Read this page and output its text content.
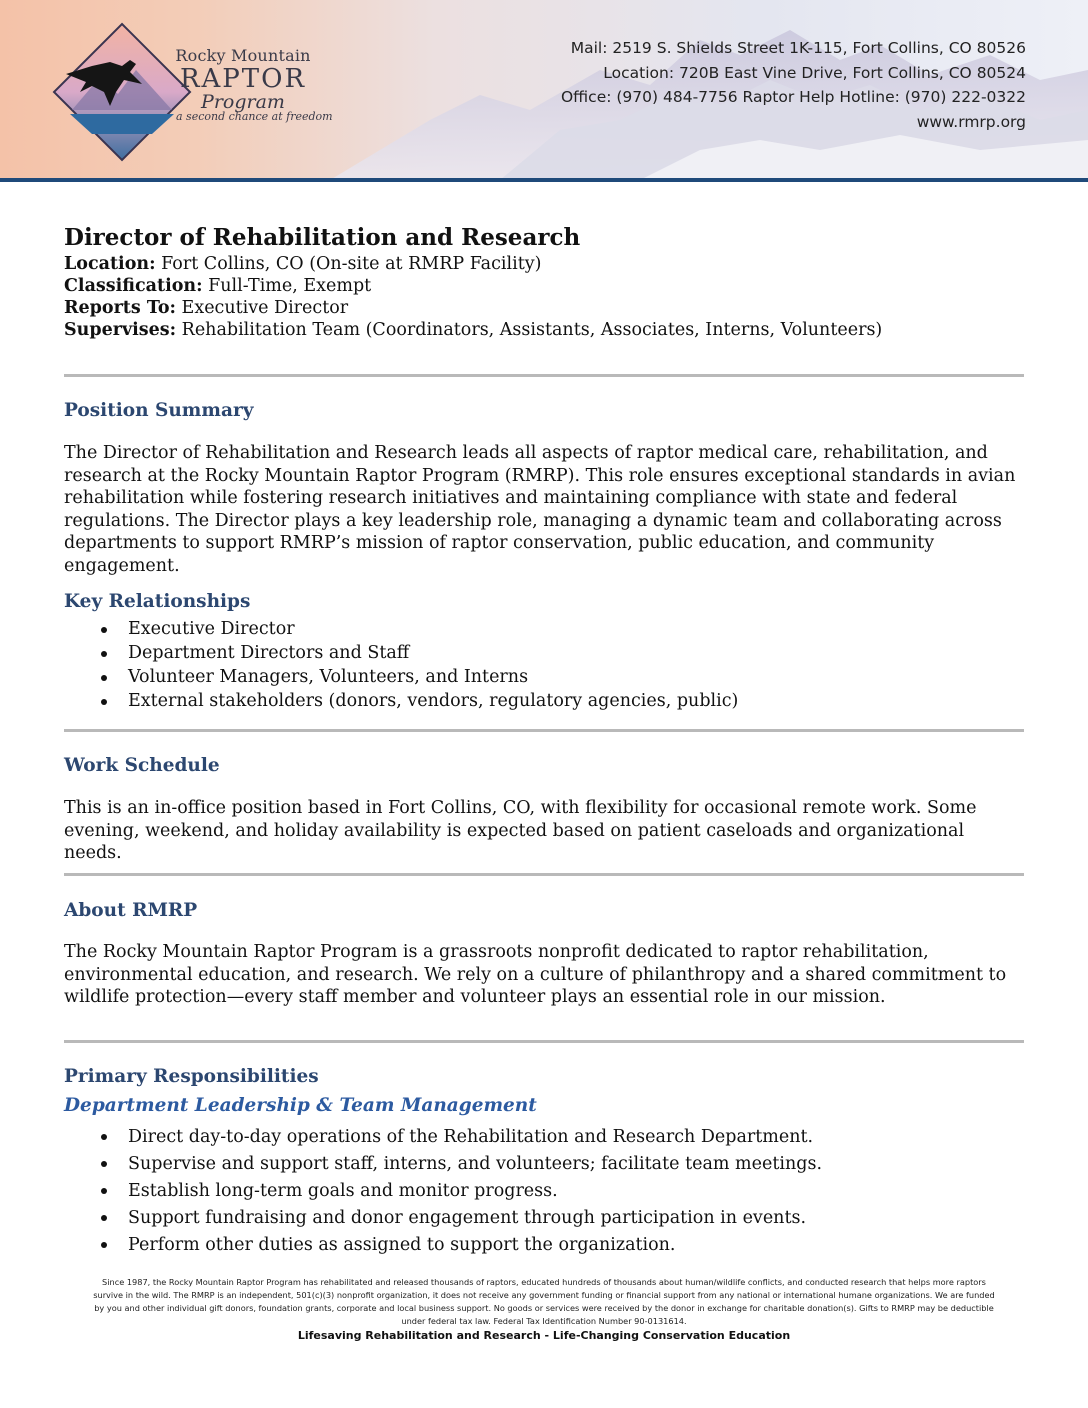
Rocky Mountain
RAPTOR
Program
a second chance at freedom
Mail: 2519 S. Shields Street 1K-115, Fort Collins, CO 80526
Location: 720B East Vine Drive, Fort Collins, CO 80524
Office: (970) 484-7756 Raptor Help Hotline: (970) 222-0322
www.rmrp.org
Director of Rehabilitation and Research
Location: Fort Collins, CO (On-site at RMRP Facility)
Classification: Full-Time, Exempt
Reports To: Executive Director
Supervises: Rehabilitation Team (Coordinators, Assistants, Associates, Interns, Volunteers)
Position Summary
The Director of Rehabilitation and Research leads all aspects of raptor medical care, rehabilitation, and research at the Rocky Mountain Raptor Program (RMRP). This role ensures exceptional standards in avian rehabilitation while fostering research initiatives and maintaining compliance with state and federal regulations. The Director plays a key leadership role, managing a dynamic team and collaborating across departments to support RMRP’s mission of raptor conservation, public education, and community engagement.
Key Relationships
Executive Director
Department Directors and Staff
Volunteer Managers, Volunteers, and Interns
External stakeholders (donors, vendors, regulatory agencies, public)
Work Schedule
This is an in-office position based in Fort Collins, CO, with flexibility for occasional remote work. Some evening, weekend, and holiday availability is expected based on patient caseloads and organizational needs.
About RMRP
The Rocky Mountain Raptor Program is a grassroots nonprofit dedicated to raptor rehabilitation, environmental education, and research. We rely on a culture of philanthropy and a shared commitment to wildlife protection—every staff member and volunteer plays an essential role in our mission.
Primary Responsibilities
Department Leadership & Team Management
Direct day-to-day operations of the Rehabilitation and Research Department.
Supervise and support staff, interns, and volunteers; facilitate team meetings.
Establish long-term goals and monitor progress.
Support fundraising and donor engagement through participation in events.
Perform other duties as assigned to support the organization.
Since 1987, the Rocky Mountain Raptor Program has rehabilitated and released thousands of raptors, educated hundreds of thousands about human/wildlife conflicts, and conducted research that helps more raptors
survive in the wild. The RMRP is an independent, 501(c)(3) nonprofit organization, it does not receive any government funding or financial support from any national or international humane organizations. We are funded
by you and other individual gift donors, foundation grants, corporate and local business support. No goods or services were received by the donor in exchange for charitable donation(s). Gifts to RMRP may be deductible
under federal tax law. Federal Tax Identification Number 90-0131614.
Lifesaving Rehabilitation and Research - Life-Changing Conservation Education
